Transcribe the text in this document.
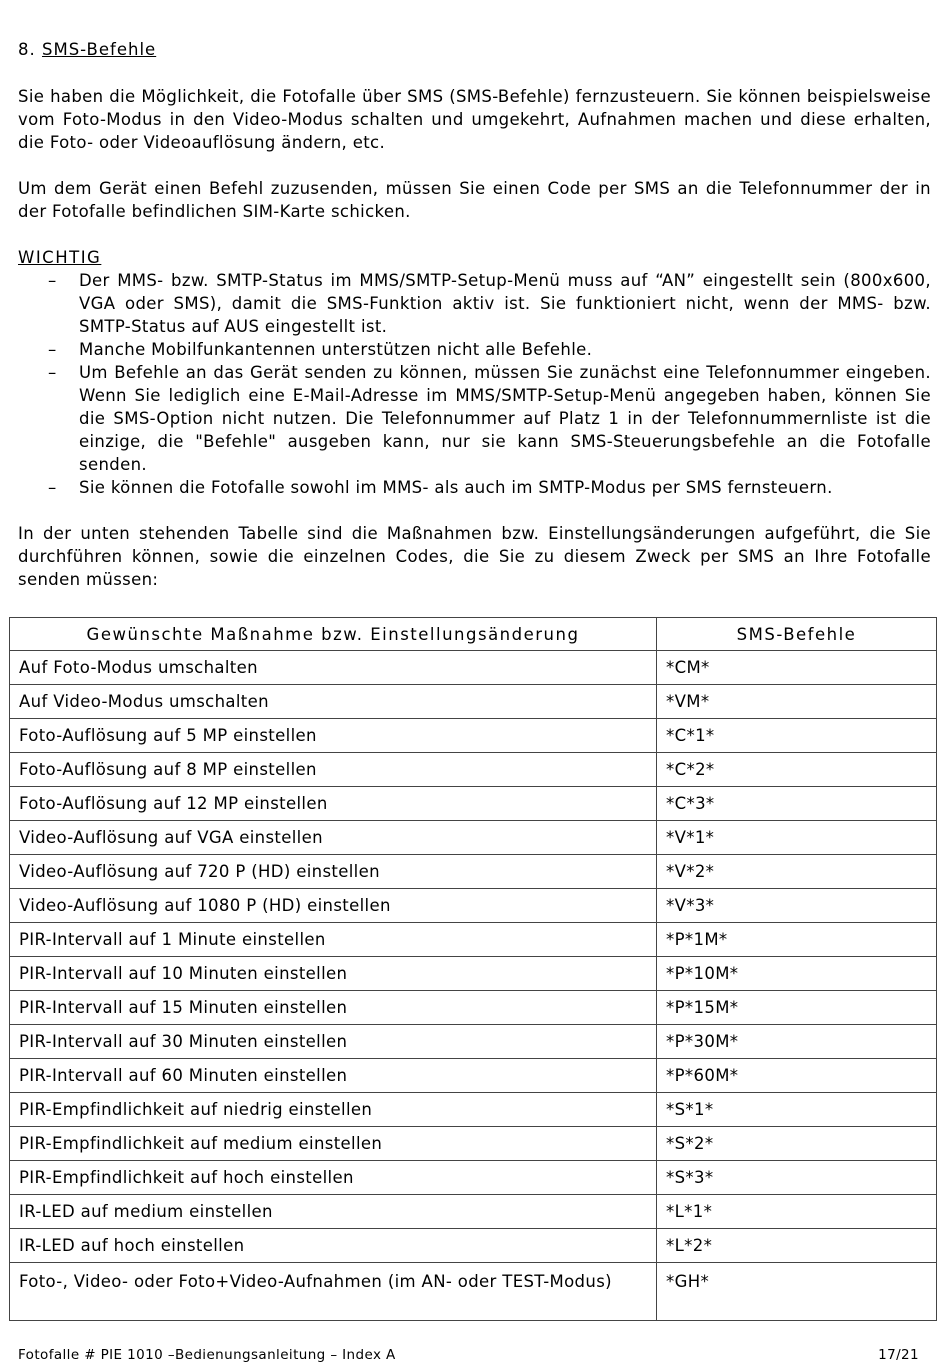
8. SMS-Befehle

Sie haben die Möglichkeit, die Fotofalle über SMS (SMS-Befehle) fernzusteuern. Sie können beispielsweise vom Foto-Modus in den Video-Modus schalten und umgekehrt, Aufnahmen machen und diese erhalten, die Foto- oder Videoauflösung ändern, etc.

Um dem Gerät einen Befehl zuzusenden, müssen Sie einen Code per SMS an die Telefonnummer der in der Fotofalle befindlichen SIM-Karte schicken.

WICHTIG
– Der MMS- bzw. SMTP-Status im MMS/SMTP-Setup-Menü muss auf “AN” eingestellt sein (800x600, VGA oder SMS), damit die SMS-Funktion aktiv ist. Sie funktioniert nicht, wenn der MMS- bzw. SMTP-Status auf AUS eingestellt ist.
– Manche Mobilfunkantennen unterstützen nicht alle Befehle.
– Um Befehle an das Gerät senden zu können, müssen Sie zunächst eine Telefonnummer eingeben. Wenn Sie lediglich eine E-Mail-Adresse im MMS/SMTP-Setup-Menü angegeben haben, können Sie die SMS-Option nicht nutzen. Die Telefonnummer auf Platz 1 in der Telefonnummernliste ist die einzige, die "Befehle" ausgeben kann, nur sie kann SMS-Steuerungsbefehle an die Fotofalle senden.
– Sie können die Fotofalle sowohl im MMS- als auch im SMTP-Modus per SMS fernsteuern.

In der unten stehenden Tabelle sind die Maßnahmen bzw. Einstellungsänderungen aufgeführt, die Sie durchführen können, sowie die einzelnen Codes, die Sie zu diesem Zweck per SMS an Ihre Fotofalle senden müssen:

Gewünschte Maßnahme bzw. Einstellungsänderung	SMS-Befehle
Auf Foto-Modus umschalten	*CM*
Auf Video-Modus umschalten	*VM*
Foto-Auflösung auf 5 MP einstellen	*C*1*
Foto-Auflösung auf 8 MP einstellen	*C*2*
Foto-Auflösung auf 12 MP einstellen	*C*3*
Video-Auflösung auf VGA einstellen	*V*1*
Video-Auflösung auf 720 P (HD) einstellen	*V*2*
Video-Auflösung auf 1080 P (HD) einstellen	*V*3*
PIR-Intervall auf 1 Minute einstellen	*P*1M*
PIR-Intervall auf 10 Minuten einstellen	*P*10M*
PIR-Intervall auf 15 Minuten einstellen	*P*15M*
PIR-Intervall auf 30 Minuten einstellen	*P*30M*
PIR-Intervall auf 60 Minuten einstellen	*P*60M*
PIR-Empfindlichkeit auf niedrig einstellen	*S*1*
PIR-Empfindlichkeit auf medium einstellen	*S*2*
PIR-Empfindlichkeit auf hoch einstellen	*S*3*
IR-LED auf medium einstellen	*L*1*
IR-LED auf hoch einstellen	*L*2*
Foto-, Video- oder Foto+Video-Aufnahmen (im AN- oder TEST-Modus)	*GH*
Fotofalle # PIE 1010 –Bedienungsanleitung – Index A	17/21
